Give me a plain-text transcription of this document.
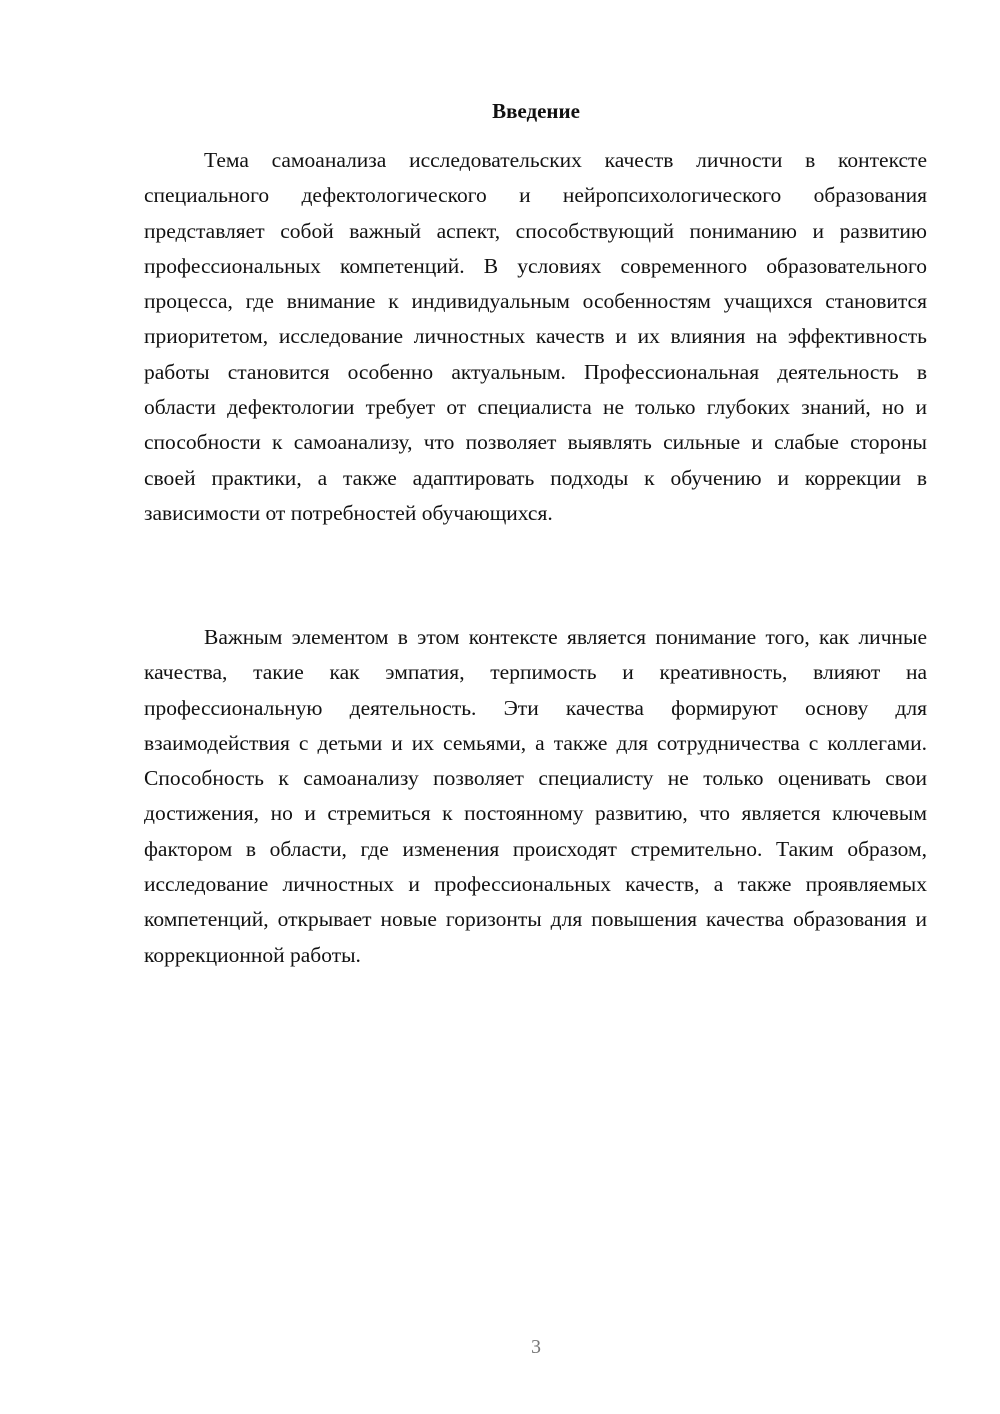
Введение

Тема самоанализа исследовательских качеств личности в контексте специального дефектологического и нейропсихологического образования представляет собой важный аспект, способствующий пониманию и развитию профессиональных компетенций. В условиях современного образовательного процесса, где внимание к индивидуальным особенностям учащихся становится приоритетом, исследование личностных качеств и их влияния на эффективность работы становится особенно актуальным. Профессиональная деятельность в области дефектологии требует от специалиста не только глубоких знаний, но и способности к самоанализу, что позволяет выявлять сильные и слабые стороны своей практики, а также адаптировать подходы к обучению и коррекции в зависимости от потребностей обучающихся.

Важным элементом в этом контексте является понимание того, как личные качества, такие как эмпатия, терпимость и креативность, влияют на профессиональную деятельность. Эти качества формируют основу для взаимодействия с детьми и их семьями, а также для сотрудничества с коллегами. Способность к самоанализу позволяет специалисту не только оценивать свои достижения, но и стремиться к постоянному развитию, что является ключевым фактором в области, где изменения происходят стремительно. Таким образом, исследование личностных и профессиональных качеств, а также проявляемых компетенций, открывает новые горизонты для повышения качества образования и коррекционной работы.

3
